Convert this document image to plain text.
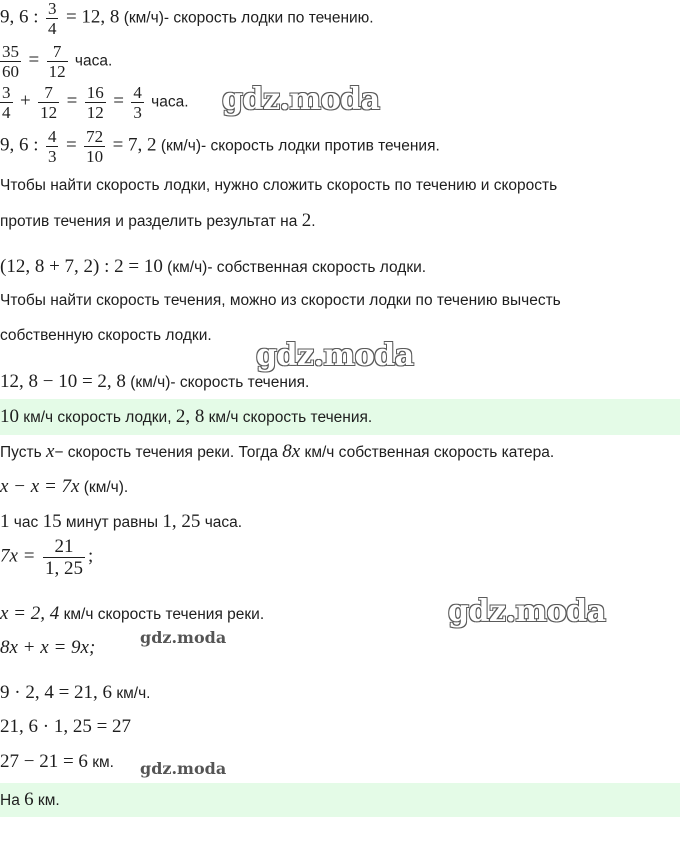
9, 6 : $\frac{3}{4} = 12$, 8 (км/ч)- скорость лодки по течению.
$\frac{35}{60} = \frac{7}{12}$ часа.
$\frac{3}{4} + \frac{7}{12} = \frac{16}{12} = \frac{4}{3}$ часа.
9, 6 : $\frac{4}{3} = \frac{72}{10} = 7$, 2 (км/ч)- скорость лодки против течения.
Чтобы найти скорость лодки, нужно сложить скорость по течению и скорость
против течения и разделить результат на 2.
(12, 8 + 7, 2) : 2 = 10 (км/ч)- собственная скорость лодки.
Чтобы найти скорость течения, можно из скорости лодки по течению вычесть
собственную скорость лодки.
12, 8 − 10 = 2, 8 (км/ч)- скорость течения.
10 км/ч скорость лодки, 2, 8 км/ч скорость течения.
Пусть x− скорость течения реки. Тогда 8x км/ч собственная скорость катера.
x − x = 7x (км/ч).
1 час 15 минут равны 1, 25 часа.
$7x = \frac{21}{1, 25}$ ;
x = 2, 4 км/ч скорость течения реки.
8x + x = 9x;
9 · 2, 4 = 21, 6 км/ч.
21, 6 · 1, 25 = 27
27 − 21 = 6 км.
На 6 км.
gdz.moda
gdz.moda
gdz.moda
gdz.moda
gdz.moda
